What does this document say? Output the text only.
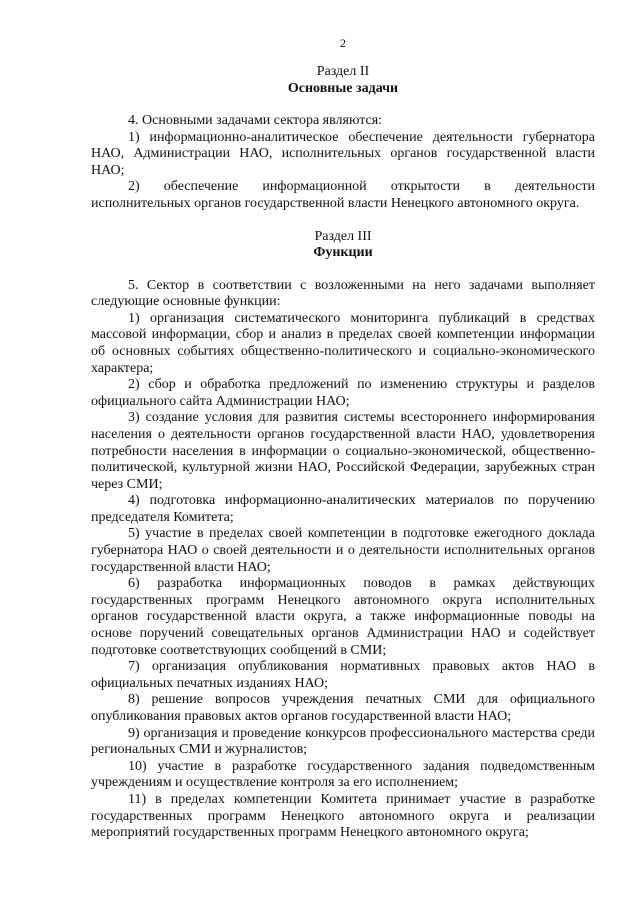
2
Раздел II
Основные задачи

4. Основными задачами сектора являются:

1) информационно-аналитическое обеспечение деятельности губернатора НАО, Администрации НАО, исполнительных органов государственной власти НАО;

2) обеспечение информационной открытости в деятельности исполнительных органов государственной власти Ненецкого автономного округа.

Раздел III
Функции

5. Сектор в соответствии с возложенными на него задачами выполняет следующие основные функции:

1) организация систематического мониторинга публикаций в средствах массовой информации, сбор и анализ в пределах своей компетенции информации об основных событиях общественно-политического и социально-экономического характера;

2) сбор и обработка предложений по изменению структуры и разделов официального сайта Администрации НАО;

3) создание условия для развития системы всестороннего информирования населения о деятельности органов государственной власти НАО, удовлетворения потребности населения в информации о социально-экономической, общественно-политической, культурной жизни НАО, Российской Федерации, зарубежных стран через СМИ;

4) подготовка информационно-аналитических материалов по поручению председателя Комитета;

5) участие в пределах своей компетенции в подготовке ежегодного доклада губернатора НАО о своей деятельности и о деятельности исполнительных органов государственной власти НАО;

6) разработка информационных поводов в рамках действующих государственных программ Ненецкого автономного округа исполнительных органов государственной власти округа, а также информационные поводы на основе поручений совещательных органов Администрации НАО и содействует подготовке соответствующих сообщений в СМИ;

7) организация опубликования нормативных правовых актов НАО в официальных печатных изданиях НАО;

8) решение вопросов учреждения печатных СМИ для официального опубликования правовых актов органов государственной власти НАО;

9) организация и проведение конкурсов профессионального мастерства среди региональных СМИ и журналистов;

10) участие в разработке государственного задания подведомственным учреждениям и осуществление контроля за его исполнением;

11) в пределах компетенции Комитета принимает участие в разработке государственных программ Ненецкого автономного округа и реализации мероприятий государственных программ Ненецкого автономного округа;
